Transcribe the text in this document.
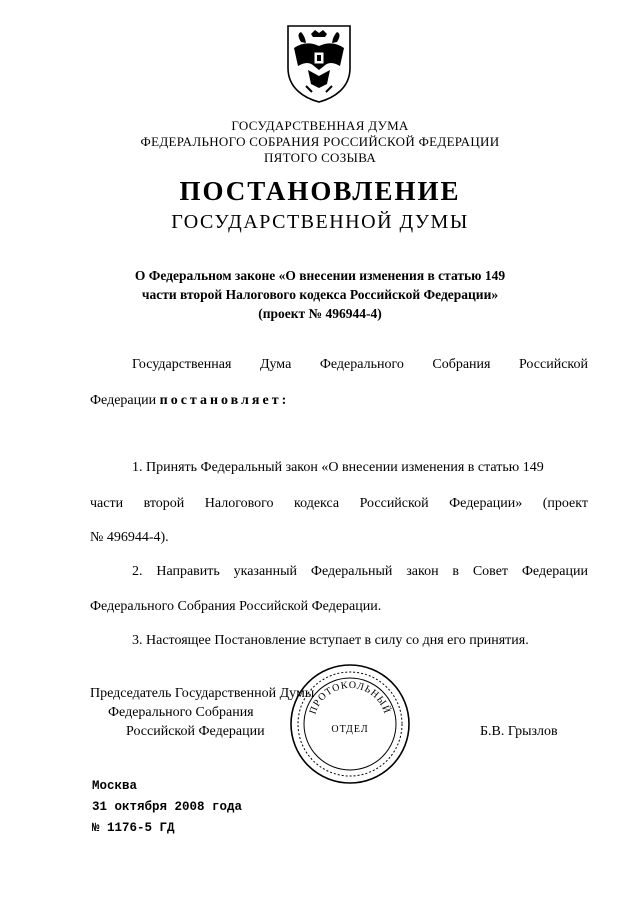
ГОСУДАРСТВЕННАЯ ДУМА
ФЕДЕРАЛЬНОГО СОБРАНИЯ РОССИЙСКОЙ ФЕДЕРАЦИИ
ПЯТОГО СОЗЫВА
ПОСТАНОВЛЕНИЕ
ГОСУДАРСТВЕННОЙ ДУМЫ
О Федеральном законе «О внесении изменения в статью 149
части второй Налогового кодекса Российской Федерации»
(проект № 496944-4)
Государственная Дума Федерального Собрания Российской
Федерации постановляет:
1. Принять Федеральный закон «О внесении изменения в статью 149
части второй Налогового кодекса Российской Федерации» (проект
№ 496944-4).
2. Направить указанный Федеральный закон в Совет Федерации
Федерального Собрания Российской Федерации.
3. Настоящее Постановление вступает в силу со дня его принятия.
Председатель Государственной Думы
Федерального Собрания
Российской Федерации	Б.В. Грызлов
ПРОТОКОЛЬНЫЙ
ОТДЕЛ
Москва
31 октября 2008 года
№ 1176-5 ГД
